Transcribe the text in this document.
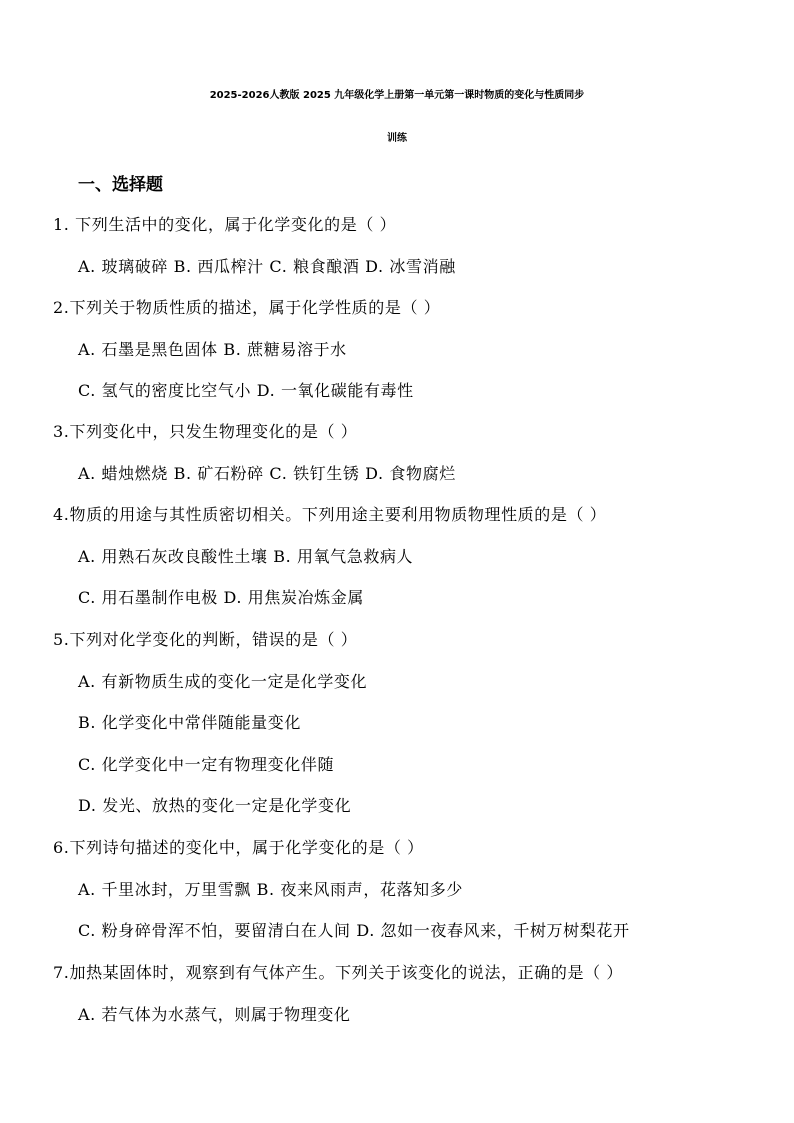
2025-2026人教版 2025 九年级化学上册第一单元第一课时物质的变化与性质同步
训练
一、选择题
1. 下列生活中的变化，属于化学变化的是（ ）
A. 玻璃破碎 B. 西瓜榨汁 C. 粮食酿酒 D. 冰雪消融
2.下列关于物质性质的描述，属于化学性质的是（ ）
A. 石墨是黑色固体 B. 蔗糖易溶于水
C. 氢气的密度比空气小 D. 一氧化碳能有毒性
3.下列变化中，只发生物理变化的是（ ）
A. 蜡烛燃烧 B. 矿石粉碎 C. 铁钉生锈 D. 食物腐烂
4.物质的用途与其性质密切相关。下列用途主要利用物质物理性质的是（ ）
A. 用熟石灰改良酸性土壤 B. 用氧气急救病人
C. 用石墨制作电极 D. 用焦炭冶炼金属
5.下列对化学变化的判断，错误的是（ ）
A. 有新物质生成的变化一定是化学变化
B. 化学变化中常伴随能量变化
C. 化学变化中一定有物理变化伴随
D. 发光、放热的变化一定是化学变化
6.下列诗句描述的变化中，属于化学变化的是（ ）
A. 千里冰封，万里雪飘 B. 夜来风雨声，花落知多少
C. 粉身碎骨浑不怕，要留清白在人间 D. 忽如一夜春风来，千树万树梨花开
7.加热某固体时，观察到有气体产生。下列关于该变化的说法，正确的是（ ）
A. 若气体为水蒸气，则属于物理变化
